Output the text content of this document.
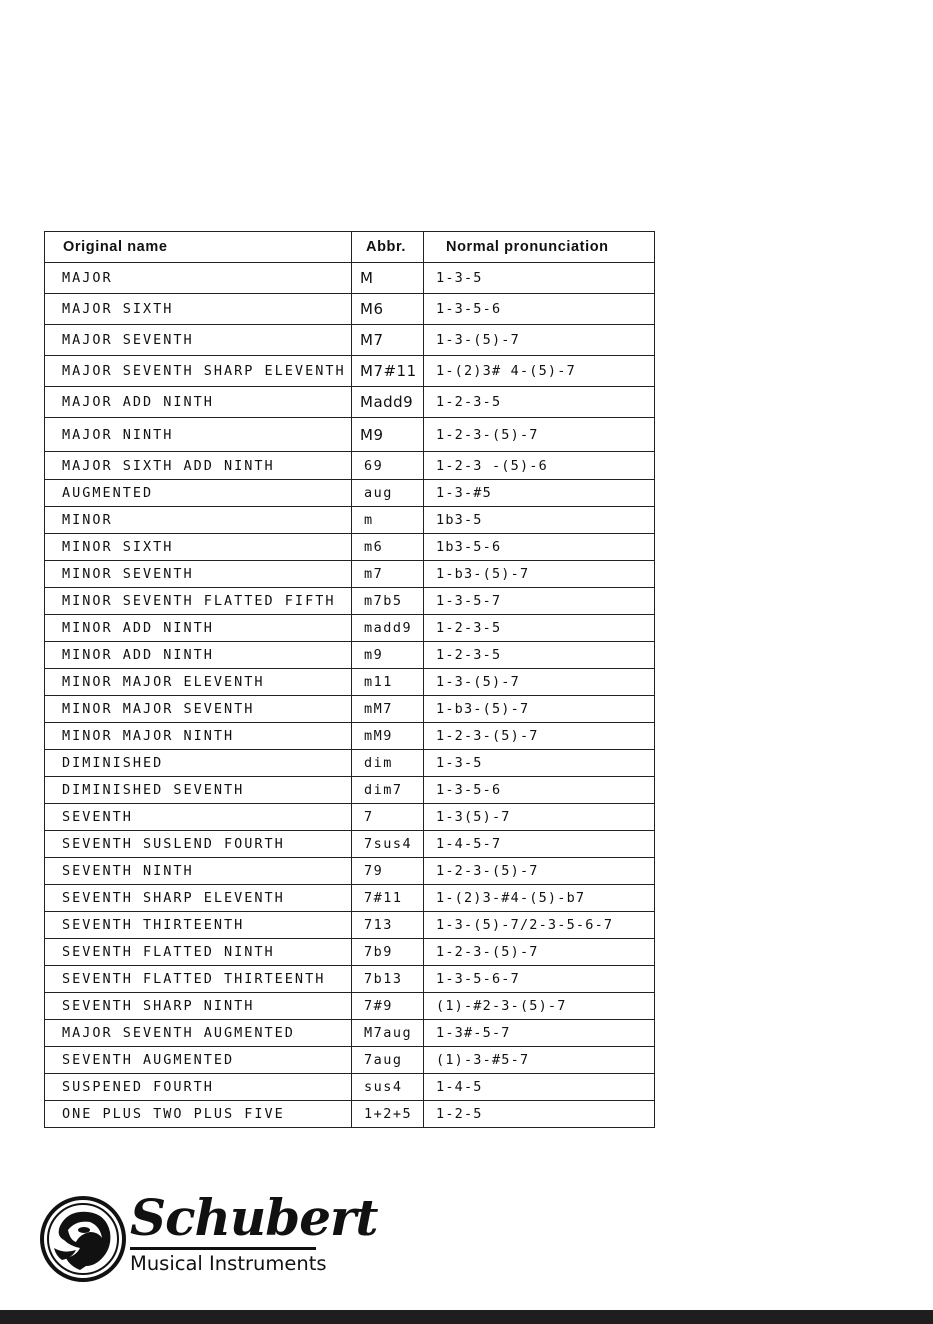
Original name	Abbr.	Normal pronunciation
MAJOR	M	1-3-5
MAJOR SIXTH	M6	1-3-5-6
MAJOR SEVENTH	M7	1-3-(5)-7
MAJOR SEVENTH SHARP ELEVENTH	M7#11	1-(2)3# 4-(5)-7
MAJOR ADD NINTH	Madd9	1-2-3-5
MAJOR NINTH	M9	1-2-3-(5)-7
MAJOR SIXTH ADD NINTH	69	1-2-3 -(5)-6
AUGMENTED	aug	1-3-#5
MINOR	m	1b3-5
MINOR SIXTH	m6	1b3-5-6
MINOR SEVENTH	m7	1-b3-(5)-7
MINOR SEVENTH FLATTED FIFTH	m7b5	1-3-5-7
MINOR ADD NINTH	madd9	1-2-3-5
MINOR ADD NINTH	m9	1-2-3-5
MINOR MAJOR ELEVENTH	m11	1-3-(5)-7
MINOR MAJOR SEVENTH	mM7	1-b3-(5)-7
MINOR MAJOR NINTH	mM9	1-2-3-(5)-7
DIMINISHED	dim	1-3-5
DIMINISHED SEVENTH	dim7	1-3-5-6
SEVENTH	7	1-3(5)-7
SEVENTH SUSLEND FOURTH	7sus4	1-4-5-7
SEVENTH NINTH	79	1-2-3-(5)-7
SEVENTH SHARP ELEVENTH	7#11	1-(2)3-#4-(5)-b7
SEVENTH THIRTEENTH	713	1-3-(5)-7/2-3-5-6-7
SEVENTH FLATTED NINTH	7b9	1-2-3-(5)-7
SEVENTH FLATTED THIRTEENTH	7b13	1-3-5-6-7
SEVENTH SHARP NINTH	7#9	(1)-#2-3-(5)-7
MAJOR SEVENTH AUGMENTED	M7aug	1-3#-5-7
SEVENTH AUGMENTED	7aug	(1)-3-#5-7
SUSPENED FOURTH	sus4	1-4-5
ONE PLUS TWO PLUS FIVE	1+2+5	1-2-5
Schubert
Musical Instruments
